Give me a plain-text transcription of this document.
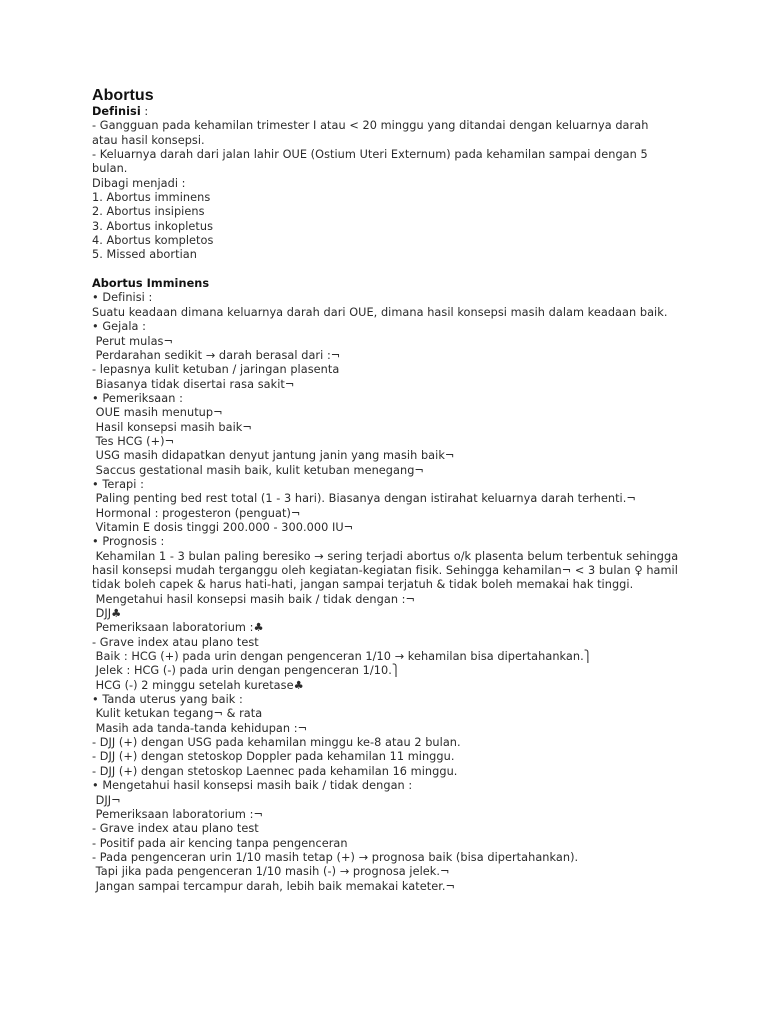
Abortus
Definisi :
- Gangguan pada kehamilan trimester I atau < 20 minggu yang ditandai dengan keluarnya darah
atau hasil konsepsi.
- Keluarnya darah dari jalan lahir OUE (Ostium Uteri Externum) pada kehamilan sampai dengan 5
bulan.
Dibagi menjadi :
1. Abortus imminens
2. Abortus insipiens
3. Abortus inkopletus
4. Abortus kompletos
5. Missed abortian
Abortus Imminens
• Definisi :
Suatu keadaan dimana keluarnya darah dari OUE, dimana hasil konsepsi masih dalam keadaan baik.
• Gejala :
Perut mulas¬
Perdarahan sedikit → darah berasal dari :¬
- lepasnya kulit ketuban / jaringan plasenta
Biasanya tidak disertai rasa sakit¬
• Pemeriksaan :
OUE masih menutup¬
Hasil konsepsi masih baik¬
Tes HCG (+)¬
USG masih didapatkan denyut jantung janin yang masih baik¬
Saccus gestational masih baik, kulit ketuban menegang¬
• Terapi :
Paling penting bed rest total (1 - 3 hari). Biasanya dengan istirahat keluarnya darah terhenti.¬
Hormonal : progesteron (penguat)¬
Vitamin E dosis tinggi 200.000 - 300.000 IU¬
• Prognosis :
Kehamilan 1 - 3 bulan paling beresiko → sering terjadi abortus o/k plasenta belum terbentuk sehingga hasil konsepsi mudah terganggu oleh kegiatan-kegiatan fisik. Sehingga kehamilan¬ < 3 bulan ♀ hamil tidak boleh capek & harus hati-hati, jangan sampai terjatuh & tidak boleh memakai hak tinggi.
Mengetahui hasil konsepsi masih baik / tidak dengan :¬
DJJ♣
Pemeriksaan laboratorium :♣
- Grave index atau plano test
Baik : HCG (+) pada urin dengan pengenceran 1/10 → kehamilan bisa dipertahankan.⎫
Jelek : HCG (-) pada urin dengan pengenceran 1/10.⎫
HCG (-) 2 minggu setelah kuretase♣
• Tanda uterus yang baik :
Kulit ketukan tegang¬ & rata
Masih ada tanda-tanda kehidupan :¬
- DJJ (+) dengan USG pada kehamilan minggu ke-8 atau 2 bulan.
- DJJ (+) dengan stetoskop Doppler pada kehamilan 11 minggu.
- DJJ (+) dengan stetoskop Laennec pada kehamilan 16 minggu.
• Mengetahui hasil konsepsi masih baik / tidak dengan :
DJJ¬
Pemeriksaan laboratorium :¬
- Grave index atau plano test
- Positif pada air kencing tanpa pengenceran
- Pada pengenceran urin 1/10 masih tetap (+) → prognosa baik (bisa dipertahankan).
Tapi jika pada pengenceran 1/10 masih (-) → prognosa jelek.¬
Jangan sampai tercampur darah, lebih baik memakai kateter.¬
